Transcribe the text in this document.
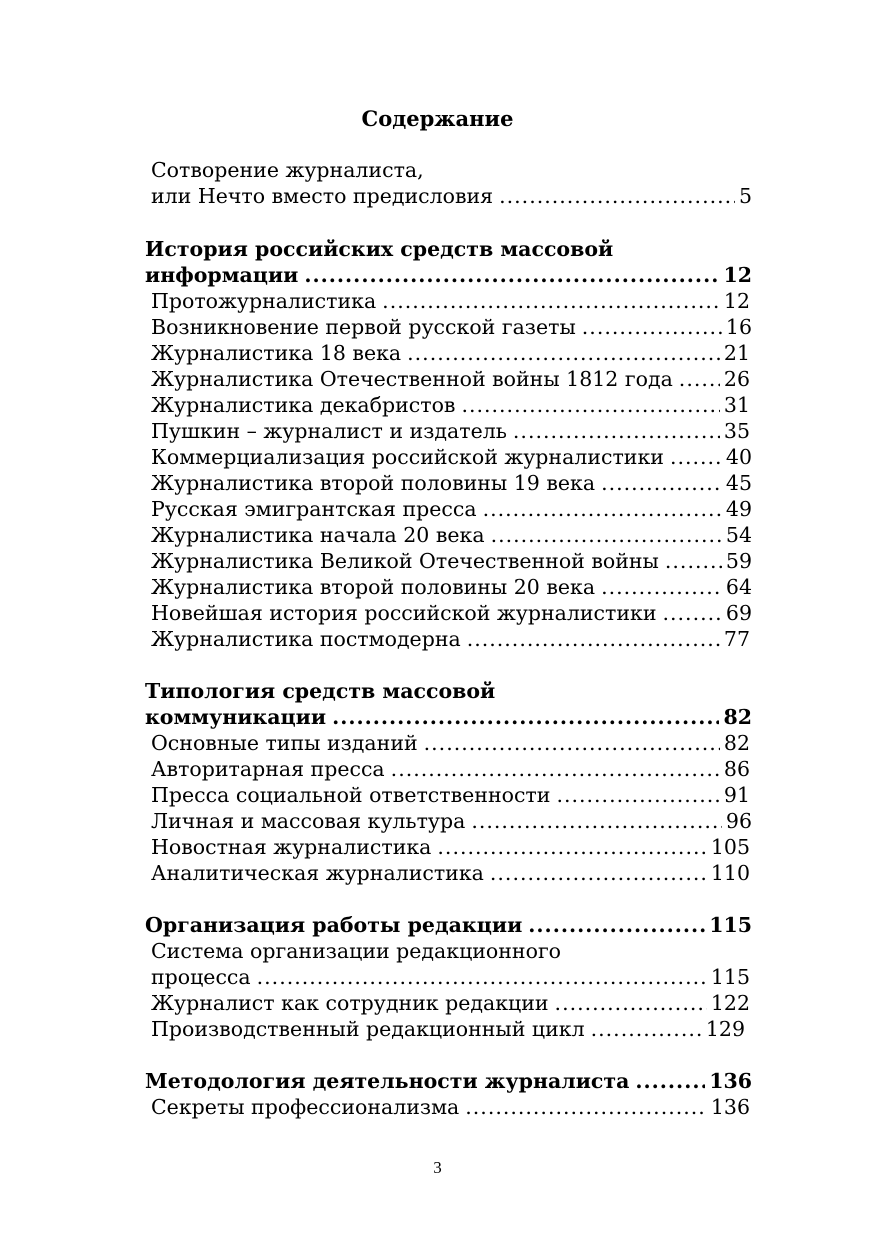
Содержание
Сотворение журналиста,
или Нечто вместо предисловия .....	5
История российских средств массовой
информации .....	12
Протожурналистика .....	12
Возникновение первой русской газеты .....	16
Журналистика 18 века .....	21
Журналистика Отечественной войны 1812 года ..... 26
Журналистика декабристов .....	31
Пушкин – журналист и издатель .....	35
Коммерциализация российской журналистики .....	40
Журналистика второй половины 19 века .....	45
Русская эмигрантская пресса .....	49
Журналистика начала 20 века .....	54
Журналистика Великой Отечественной войны .....	59
Журналистика второй половины 20 века .....	64
Новейшая история российской журналистики .....	69
Журналистика постмодерна .....	77
Типология средств массовой
коммуникации .....	82
Основные типы изданий .....	82
Авторитарная пресса .....	86
Пресса социальной ответственности .....	91
Личная и массовая культура .....	96
Новостная журналистика .....	105
Аналитическая журналистика .....	110
Организация работы редакции .....	115
Система организации редакционного
процесса .....	115
Журналист как сотрудник редакции .....	122
Производственный редакционный цикл .....	129
Методология деятельности журналиста .....	136
Секреты профессионализма .....	136
3
